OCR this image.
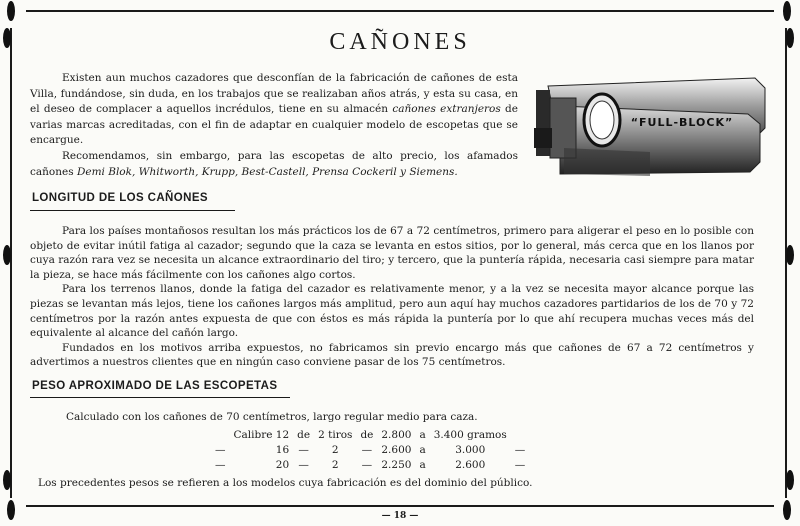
CAÑONES

Existen aun muchos cazadores que desconfían de la fabricación de cañones de esta Villa, fundándose, sin duda, en los trabajos que se realizaban años atrás, y esta su casa, en el deseo de complacer a aquellos incrédulos, tiene en su almacén cañones extranjeros de varias marcas acreditadas, con el fin de adaptar en cualquier modelo de escopetas que se encargue.

Recomendamos, sin embargo, para las escopetas de alto precio, los afamados cañones Demi Blok, Whitworth, Krupp, Best-Castell, Prensa Cockeril y Siemens.

“FULL-BLOCK”
LONGITUD DE LOS CAÑONES

Para los países montañosos resultan los más prácticos los de 67 a 72 centímetros, primero para aligerar el peso en lo posible con objeto de evitar inútil fatiga al cazador; segundo que la caza se levanta en estos sitios, por lo general, más cerca que en los llanos por cuya razón rara vez se necesita un alcance extraordinario del tiro; y tercero, que la puntería rápida, necesaria casi siempre para matar la pieza, se hace más fácilmente con los cañones algo cortos.

Para los terrenos llanos, donde la fatiga del cazador es relativamente menor, y a la vez se necesita mayor alcance porque las piezas se levantan más lejos, tiene los cañones largos más amplitud, pero aun aquí hay muchos cazadores partidarios de los de 70 y 72 centímetros por la razón antes expuesta de que con éstos es más rápida la puntería por lo que ahí recupera muchas veces más del equivalente al alcance del cañón largo.

Fundados en los motivos arriba expuestos, no fabricamos sin previo encargo más que cañones de 67 a 72 centímetros y advertimos a nuestros clientes que en ningún caso conviene pasar de los 75 centímetros.

PESO APROXIMADO DE LAS ESCOPETAS

Calculado con los cañones de 70 centímetros, largo regular medio para caza.

	Calibre 12	de	2 tiros	de	2.800	a	3.400 gramos	
—	16	—	2	—	2.600	a	3.000	—
—	20	—	2	—	2.250	a	2.600	—

Los precedentes pesos se refieren a los modelos cuya fabricación es del dominio del público.

— 18 —
